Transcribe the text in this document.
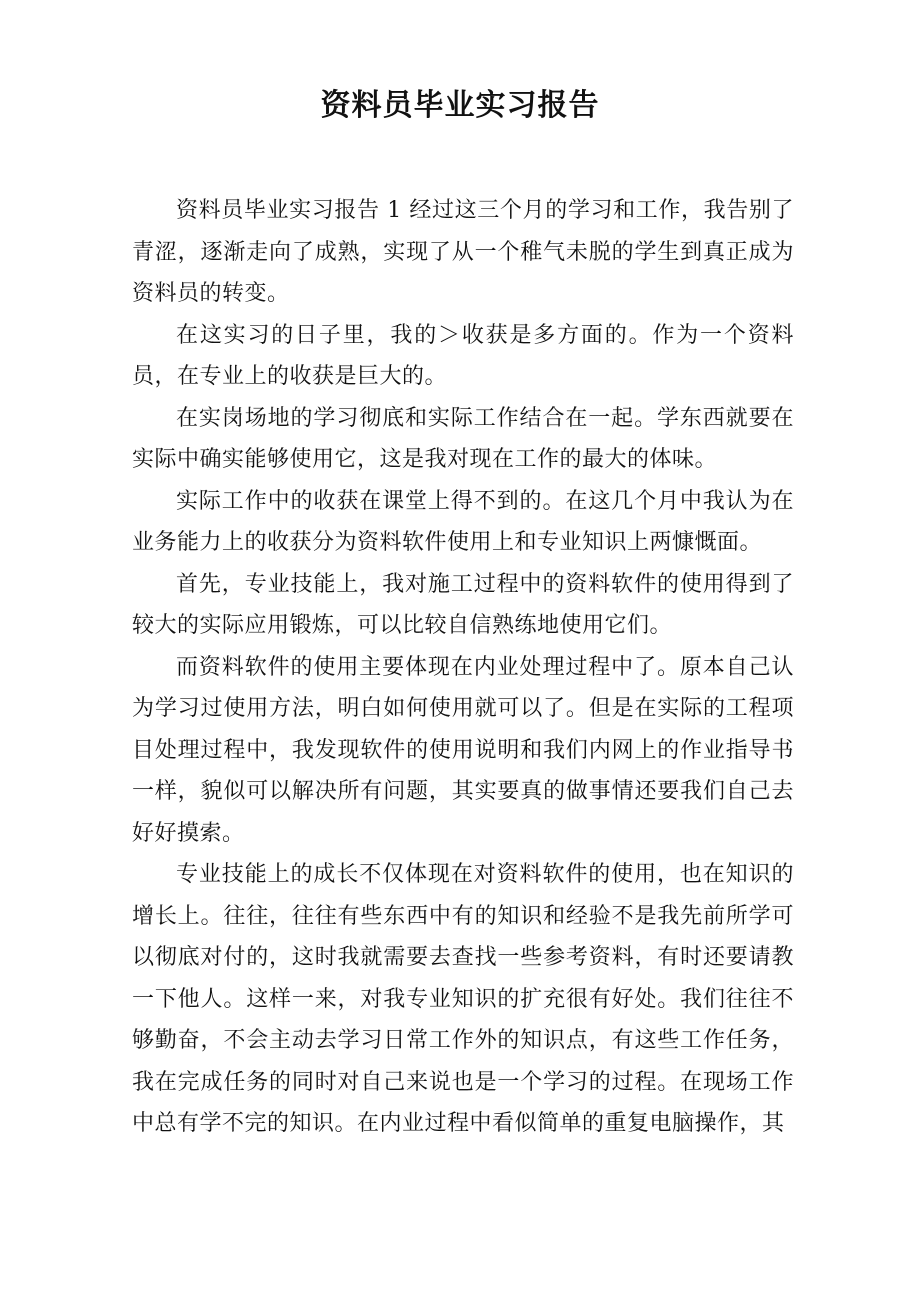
资料员毕业实习报告

资料员毕业实习报告 1 经过这三个月的学习和工作，我告别了青涩，逐渐走向了成熟，实现了从一个稚气未脱的学生到真正成为资料员的转变。

在这实习的日子里，我的＞收获是多方面的。作为一个资料员，在专业上的收获是巨大的。

在实岗场地的学习彻底和实际工作结合在一起。学东西就要在实际中确实能够使用它，这是我对现在工作的最大的体味。

实际工作中的收获在课堂上得不到的。在这几个月中我认为在业务能力上的收获分为资料软件使用上和专业知识上两慷慨面。

首先，专业技能上，我对施工过程中的资料软件的使用得到了较大的实际应用锻炼，可以比较自信熟练地使用它们。

而资料软件的使用主要体现在内业处理过程中了。原本自己认为学习过使用方法，明白如何使用就可以了。但是在实际的工程项目处理过程中，我发现软件的使用说明和我们内网上的作业指导书一样，貌似可以解决所有问题，其实要真的做事情还要我们自己去好好摸索。

专业技能上的成长不仅体现在对资料软件的使用，也在知识的增长上。往往，往往有些东西中有的知识和经验不是我先前所学可以彻底对付的，这时我就需要去查找一些参考资料，有时还要请教一下他人。这样一来，对我专业知识的扩充很有好处。我们往往不够勤奋，不会主动去学习日常工作外的知识点，有这些工作任务，我在完成任务的同时对自己来说也是一个学习的过程。在现场工作中总有学不完的知识。在内业过程中看似简单的重复电脑操作，其
